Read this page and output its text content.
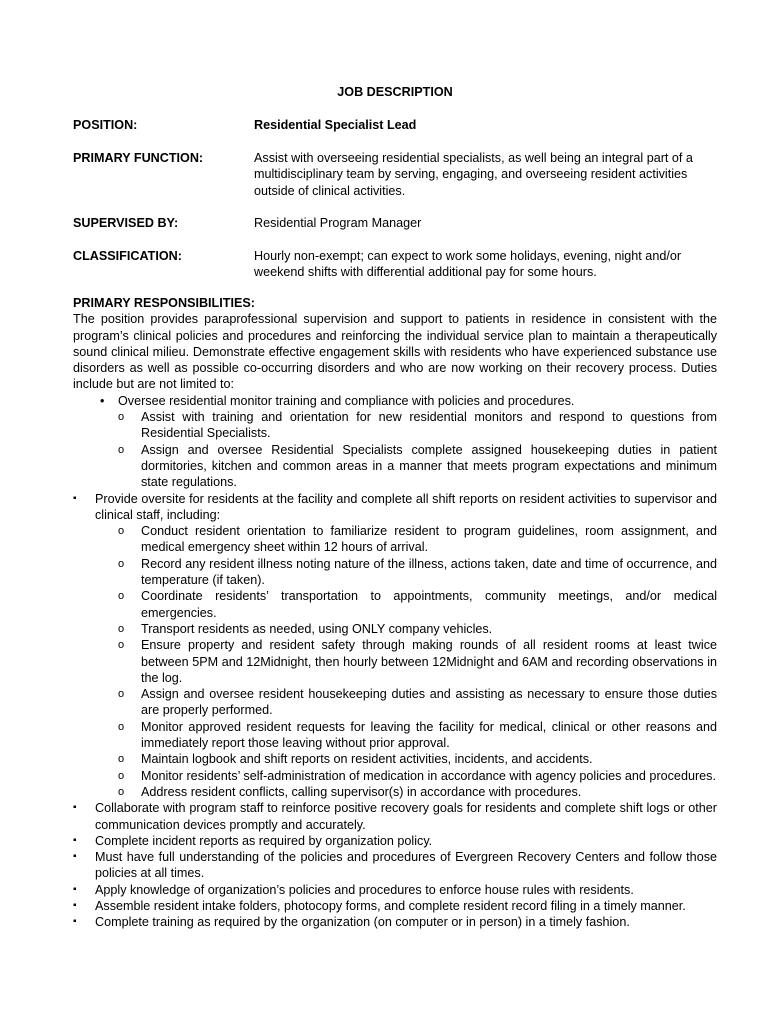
JOB DESCRIPTION
POSITION:	Residential Specialist Lead
PRIMARY FUNCTION:	Assist with overseeing residential specialists, as well being an integral part of a multidisciplinary team by serving, engaging, and overseeing resident activities outside of clinical activities.
SUPERVISED BY:	Residential Program Manager
CLASSIFICATION:	Hourly non-exempt; can expect to work some holidays, evening, night and/or weekend shifts with differential additional pay for some hours.
PRIMARY RESPONSIBILITIES:
The position provides paraprofessional supervision and support to patients in residence in consistent with the program’s clinical policies and procedures and reinforcing the individual service plan to maintain a therapeutically sound clinical milieu. Demonstrate effective engagement skills with residents who have experienced substance use disorders as well as possible co-occurring disorders and who are now working on their recovery process. Duties include but are not limited to:
• Oversee residential monitor training and compliance with policies and procedures.
o Assist with training and orientation for new residential monitors and respond to questions from Residential Specialists.
o Assign and oversee Residential Specialists complete assigned housekeeping duties in patient dormitories, kitchen and common areas in a manner that meets program expectations and minimum state regulations.
▪ Provide oversite for residents at the facility and complete all shift reports on resident activities to supervisor and clinical staff, including:
o Conduct resident orientation to familiarize resident to program guidelines, room assignment, and medical emergency sheet within 12 hours of arrival.
o Record any resident illness noting nature of the illness, actions taken, date and time of occurrence, and temperature (if taken).
o Coordinate residents’ transportation to appointments, community meetings, and/or medical emergencies.
o Transport residents as needed, using ONLY company vehicles.
o Ensure property and resident safety through making rounds of all resident rooms at least twice between 5PM and 12Midnight, then hourly between 12Midnight and 6AM and recording observations in the log.
o Assign and oversee resident housekeeping duties and assisting as necessary to ensure those duties are properly performed.
o Monitor approved resident requests for leaving the facility for medical, clinical or other reasons and immediately report those leaving without prior approval.
o Maintain logbook and shift reports on resident activities, incidents, and accidents.
o Monitor residents’ self-administration of medication in accordance with agency policies and procedures.
o Address resident conflicts, calling supervisor(s) in accordance with procedures.
▪ Collaborate with program staff to reinforce positive recovery goals for residents and complete shift logs or other communication devices promptly and accurately.
▪ Complete incident reports as required by organization policy.
▪ Must have full understanding of the policies and procedures of Evergreen Recovery Centers and follow those policies at all times.
▪ Apply knowledge of organization’s policies and procedures to enforce house rules with residents.
▪ Assemble resident intake folders, photocopy forms, and complete resident record filing in a timely manner.
▪ Complete training as required by the organization (on computer or in person) in a timely fashion.
